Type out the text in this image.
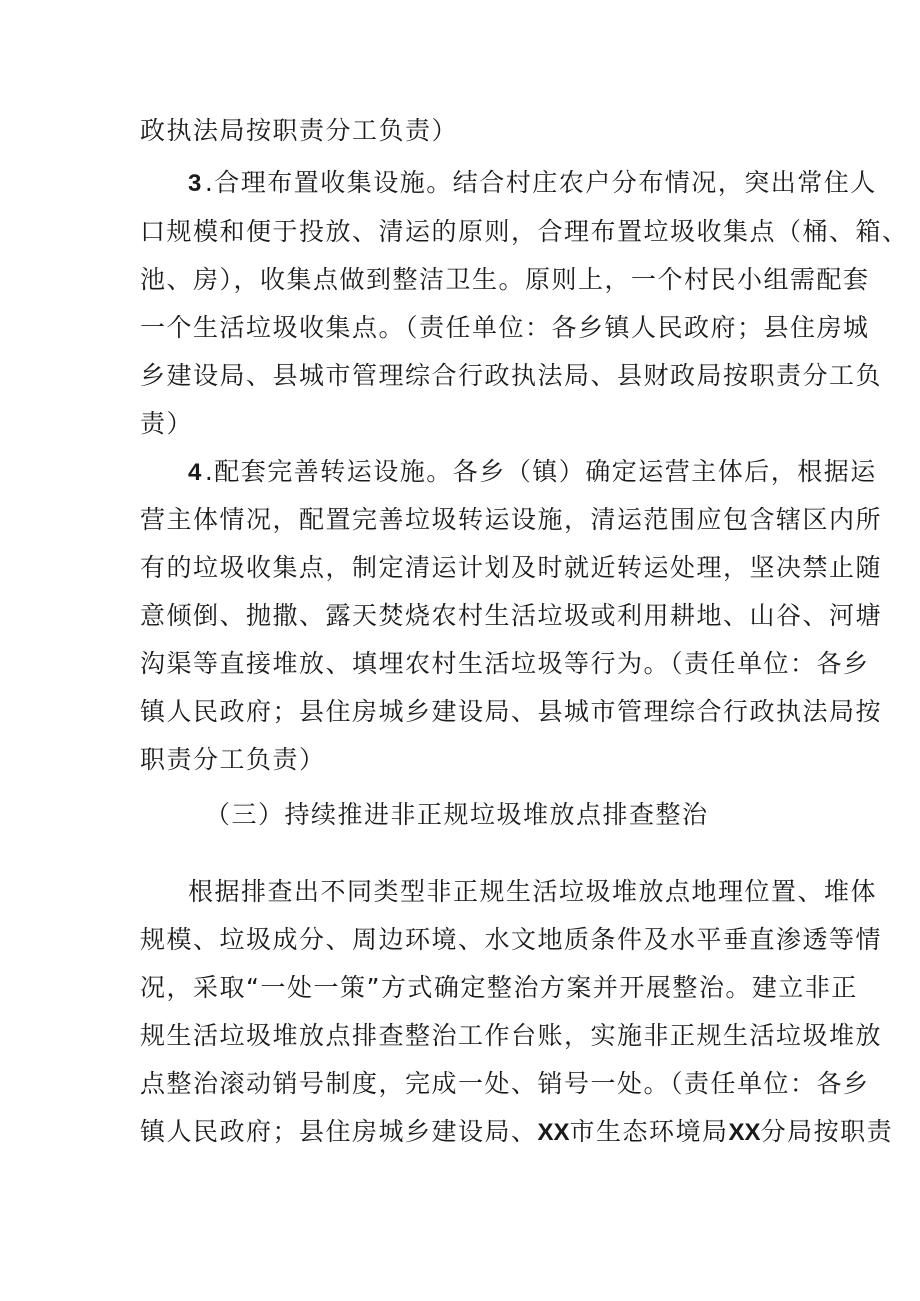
政执法局按职责分工负责）
3.合理布置收集设施。结合村庄农户分布情况，突出常住人
口规模和便于投放、清运的原则，合理布置垃圾收集点（桶、箱、
池、房），收集点做到整洁卫生。原则上，一个村民小组需配套
一个生活垃圾收集点。（责任单位：各乡镇人民政府；县住房城
乡建设局、县城市管理综合行政执法局、县财政局按职责分工负
责）
4.配套完善转运设施。各乡（镇）确定运营主体后，根据运
营主体情况，配置完善垃圾转运设施，清运范围应包含辖区内所
有的垃圾收集点，制定清运计划及时就近转运处理，坚决禁止随
意倾倒、抛撒、露天焚烧农村生活垃圾或利用耕地、山谷、河塘
沟渠等直接堆放、填埋农村生活垃圾等行为。（责任单位：各乡
镇人民政府；县住房城乡建设局、县城市管理综合行政执法局按
职责分工负责）
（三）持续推进非正规垃圾堆放点排查整治
根据排查出不同类型非正规生活垃圾堆放点地理位置、堆体
规模、垃圾成分、周边环境、水文地质条件及水平垂直渗透等情
况，采取“一处一策”方式确定整治方案并开展整治。建立非正
规生活垃圾堆放点排查整治工作台账，实施非正规生活垃圾堆放
点整治滚动销号制度，完成一处、销号一处。（责任单位：各乡
镇人民政府；县住房城乡建设局、XX市生态环境局XX分局按职责
